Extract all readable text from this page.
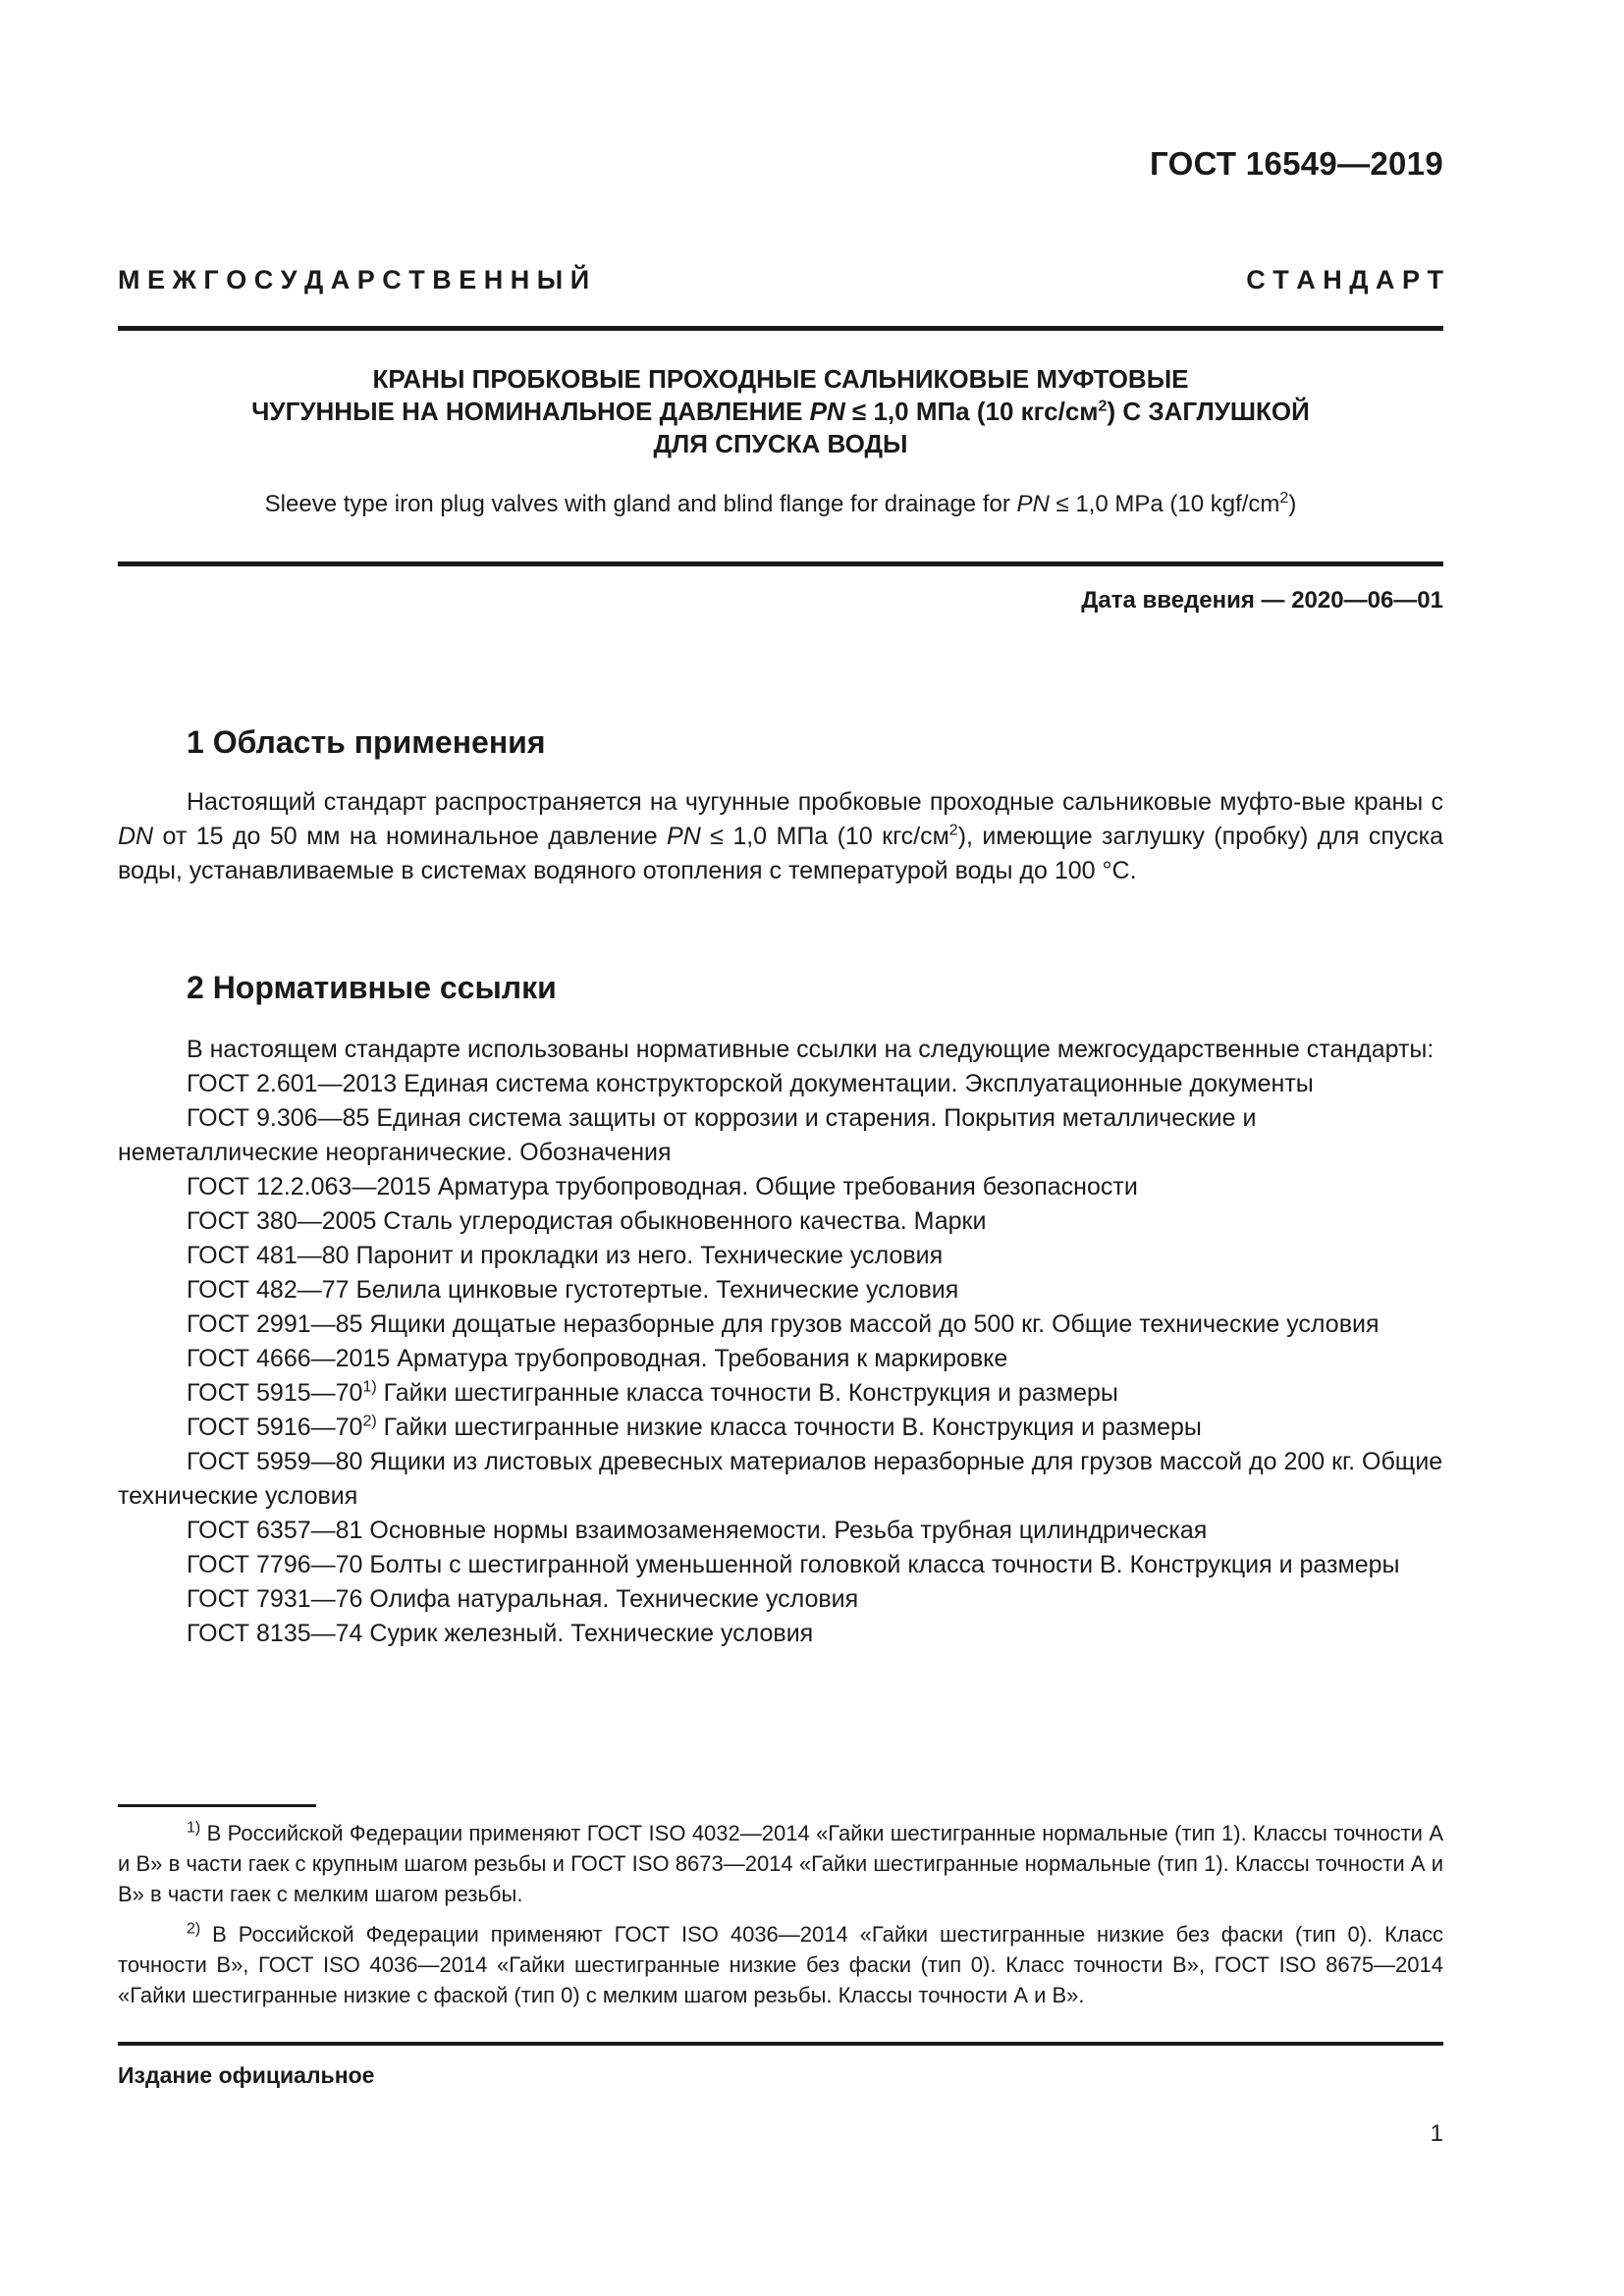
ГОСТ 16549—2019
М Е Ж Г О С У Д А Р С Т В Е Н Н Ы Й	С Т А Н Д А Р Т
КРАНЫ ПРОБКОВЫЕ ПРОХОДНЫЕ САЛЬНИКОВЫЕ МУФТОВЫЕ
ЧУГУННЫЕ НА НОМИНАЛЬНОЕ ДАВЛЕНИЕ PN ≤ 1,0 МПа (10 кгс/$см^2$) С ЗАГЛУШКОЙ
ДЛЯ СПУСКА ВОДЫ
Sleeve type iron plug valves with gland and blind flange for drainage for PN ≤ 1,0 MPa (10 kgf/$cm^2$)
Дата введения — 2020—06—01
1 Область применения
Настоящий стандарт распространяется на чугунные пробковые проходные сальниковые муфто-вые краны с DN от 15 до 50 мм на номинальное давление PN ≤ 1,0 МПа (10 кгс/$см^2$), имеющие заглушку (пробку) для спуска воды, устанавливаемые в системах водяного отопления с температурой воды до 100 °С.
2 Нормативные ссылки
В настоящем стандарте использованы нормативные ссылки на следующие межгосударственные стандарты:
ГОСТ 2.601—2013 Единая система конструкторской документации. Эксплуатационные документы
ГОСТ 9.306—85 Единая система защиты от коррозии и старения. Покрытия металлические и неметаллические неорганические. Обозначения
ГОСТ 12.2.063—2015 Арматура трубопроводная. Общие требования безопасности
ГОСТ 380—2005 Сталь углеродистая обыкновенного качества. Марки
ГОСТ 481—80 Паронит и прокладки из него. Технические условия
ГОСТ 482—77 Белила цинковые густотертые. Технические условия
ГОСТ 2991—85 Ящики дощатые неразборные для грузов массой до 500 кг. Общие технические условия
ГОСТ 4666—2015 Арматура трубопроводная. Требования к маркировке
ГОСТ 5915—70$^{1)}$ Гайки шестигранные класса точности В. Конструкция и размеры
ГОСТ 5916—70$^{2)}$ Гайки шестигранные низкие класса точности В. Конструкция и размеры
ГОСТ 5959—80 Ящики из листовых древесных материалов неразборные для грузов массой до 200 кг. Общие технические условия
ГОСТ 6357—81 Основные нормы взаимозаменяемости. Резьба трубная цилиндрическая
ГОСТ 7796—70 Болты с шестигранной уменьшенной головкой класса точности В. Конструкция и размеры
ГОСТ 7931—76 Олифа натуральная. Технические условия
ГОСТ 8135—74 Сурик железный. Технические условия
$^{1)}$ В Российской Федерации применяют ГОСТ ISO 4032—2014 «Гайки шестигранные нормальные (тип 1). Классы точности А и В» в части гаек с крупным шагом резьбы и ГОСТ ISO 8673—2014 «Гайки шестигранные нормальные (тип 1). Классы точности А и В» в части гаек с мелким шагом резьбы.
$^{2)}$ В Российской Федерации применяют ГОСТ ISO 4036—2014 «Гайки шестигранные низкие без фаски (тип 0). Класс точности В», ГОСТ ISO 4036—2014 «Гайки шестигранные низкие без фаски (тип 0). Класс точности В», ГОСТ ISO 8675—2014 «Гайки шестигранные низкие с фаской (тип 0) с мелким шагом резьбы. Классы точности А и В».
Издание официальное
1
